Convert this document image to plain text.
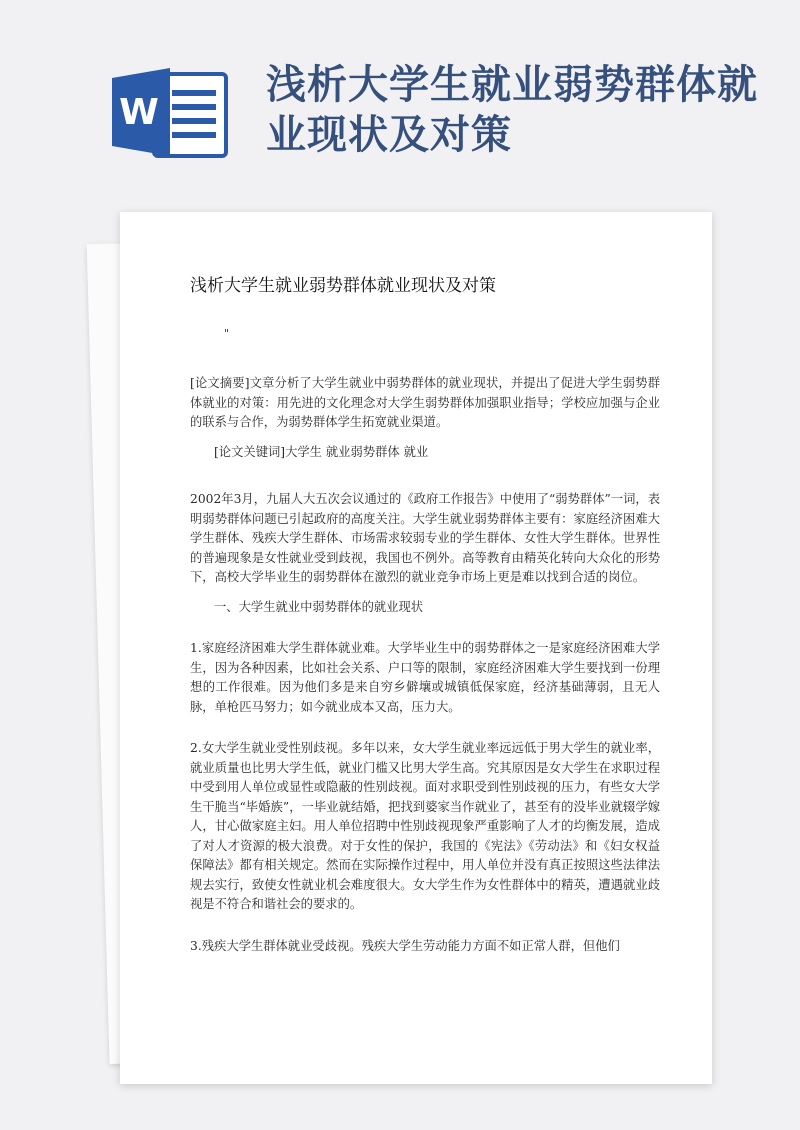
W
浅析大学生就业弱势群体就业现状及对策
浅析大学生就业弱势群体就业现状及对策
"

[论文摘要]文章分析了大学生就业中弱势群体的就业现状，并提出了促进大学生弱势群体就业的对策：用先进的文化理念对大学生弱势群体加强职业指导；学校应加强与企业的联系与合作，为弱势群体学生拓宽就业渠道。

[论文关键词]大学生 就业弱势群体 就业

2002年3月，九届人大五次会议通过的《政府工作报告》中使用了“弱势群体”一词，表明弱势群体问题已引起政府的高度关注。大学生就业弱势群体主要有：家庭经济困难大学生群体、残疾大学生群体、市场需求较弱专业的学生群体、女性大学生群体。世界性的普遍现象是女性就业受到歧视，我国也不例外。高等教育由精英化转向大众化的形势下，高校大学毕业生的弱势群体在激烈的就业竞争市场上更是难以找到合适的岗位。

一、大学生就业中弱势群体的就业现状

1.家庭经济困难大学生群体就业难。大学毕业生中的弱势群体之一是家庭经济困难大学生，因为各种因素，比如社会关系、户口等的限制，家庭经济困难大学生要找到一份理想的工作很难。因为他们多是来自穷乡僻壤或城镇低保家庭，经济基础薄弱，且无人脉，单枪匹马努力；如今就业成本又高，压力大。

2.女大学生就业受性别歧视。多年以来，女大学生就业率远远低于男大学生的就业率，就业质量也比男大学生低，就业门槛又比男大学生高。究其原因是女大学生在求职过程中受到用人单位或显性或隐蔽的性别歧视。面对求职受到性别歧视的压力，有些女大学生干脆当“毕婚族”，一毕业就结婚，把找到婆家当作就业了，甚至有的没毕业就辍学嫁人，甘心做家庭主妇。用人单位招聘中性别歧视现象严重影响了人才的均衡发展，造成了对人才资源的极大浪费。对于女性的保护，我国的《宪法》《劳动法》和《妇女权益保障法》都有相关规定。然而在实际操作过程中，用人单位并没有真正按照这些法律法规去实行，致使女性就业机会难度很大。女大学生作为女性群体中的精英，遭遇就业歧视是不符合和谐社会的要求的。

3.残疾大学生群体就业受歧视。残疾大学生劳动能力方面不如正常人群，但他们
